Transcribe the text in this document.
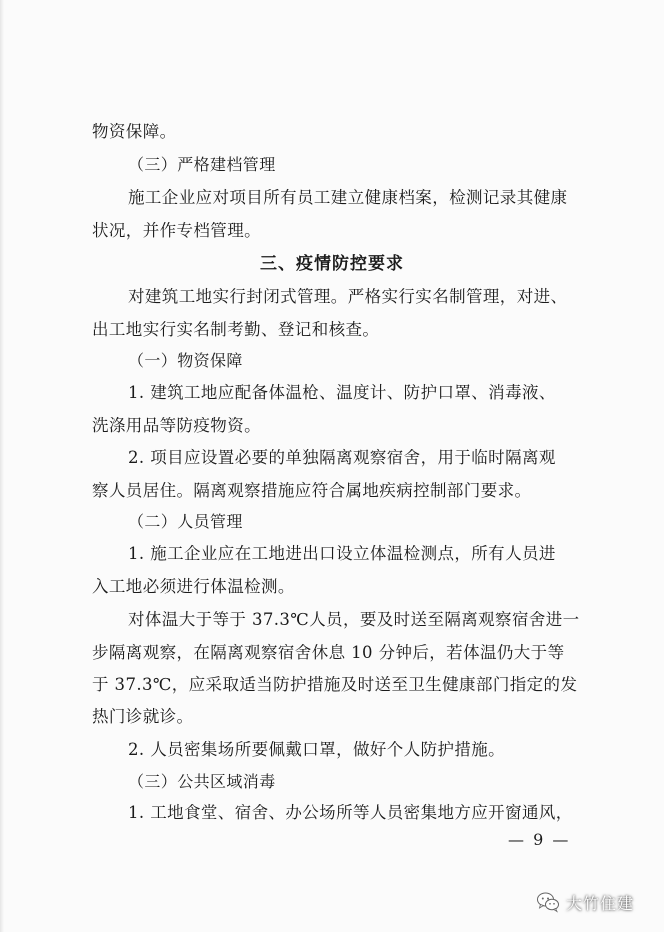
物资保障。
（三）严格建档管理
施工企业应对项目所有员工建立健康档案，检测记录其健康
状况，并作专档管理。
三、疫情防控要求
对建筑工地实行封闭式管理。严格实行实名制管理，对进、
出工地实行实名制考勤、登记和核查。
（一）物资保障
1. 建筑工地应配备体温枪、温度计、防护口罩、消毒液、
洗涤用品等防疫物资。
2. 项目应设置必要的单独隔离观察宿舍，用于临时隔离观
察人员居住。隔离观察措施应符合属地疾病控制部门要求。
（二）人员管理
1. 施工企业应在工地进出口设立体温检测点，所有人员进
入工地必须进行体温检测。
对体温大于等于 37.3℃人员，要及时送至隔离观察宿舍进一
步隔离观察，在隔离观察宿舍休息 10 分钟后，若体温仍大于等
于 37.3℃，应采取适当防护措施及时送至卫生健康部门指定的发
热门诊就诊。
2. 人员密集场所要佩戴口罩，做好个人防护措施。
（三）公共区域消毒
1. 工地食堂、宿舍、办公场所等人员密集地方应开窗通风，
— 9 —
大竹住建
